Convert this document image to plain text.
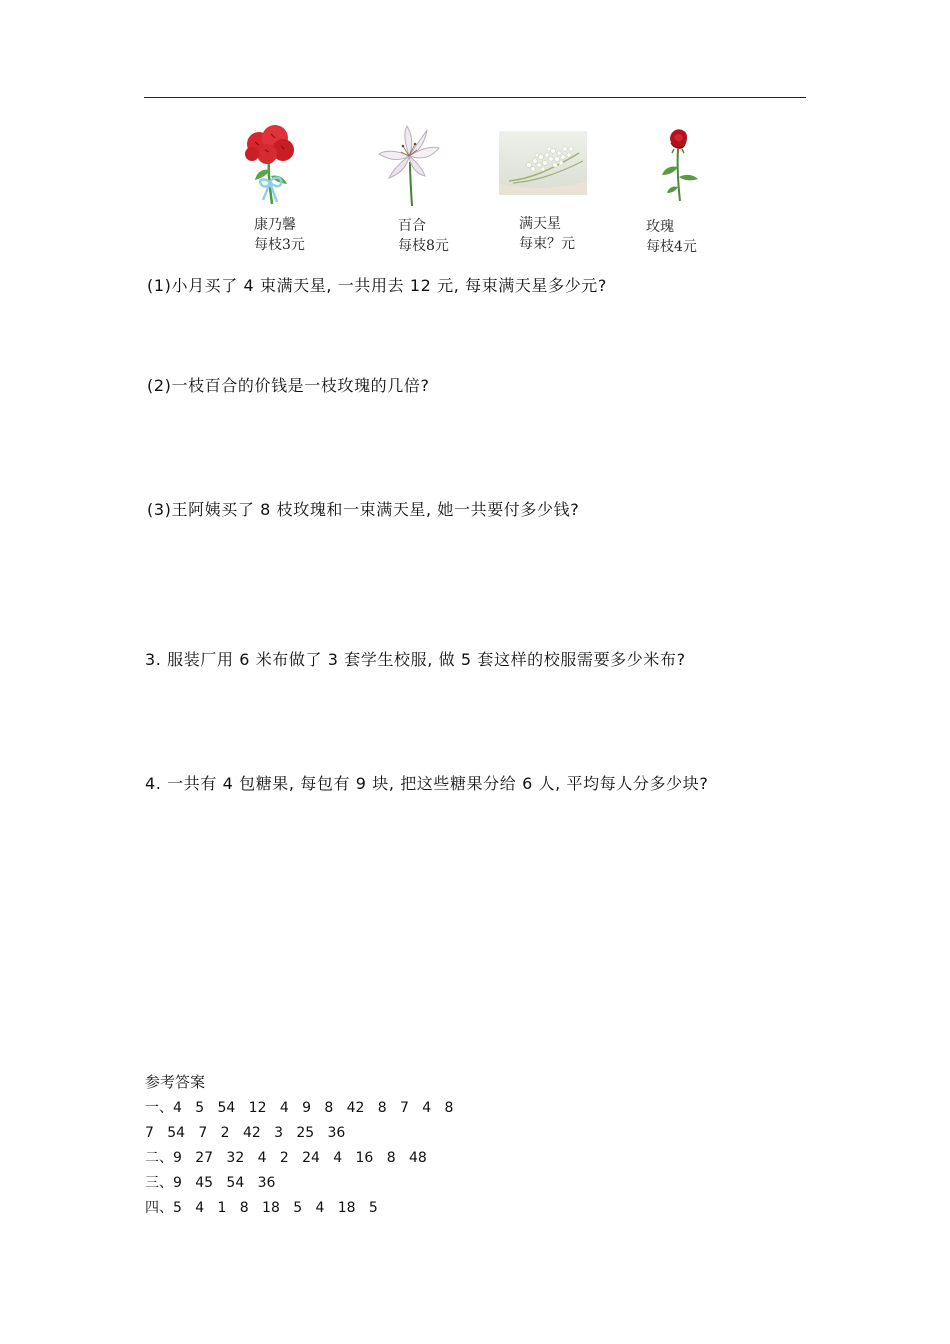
康乃馨
每枝3元
百合
每枝8元
满天星
每束？元
玫瑰
每枝4元
(1)小月买了 4 束满天星, 一共用去 12 元, 每束满天星多少元?
(2)一枝百合的价钱是一枝玫瑰的几倍?
(3)王阿姨买了 8 枝玫瑰和一束满天星, 她一共要付多少钱?
3. 服装厂用 6 米布做了 3 套学生校服, 做 5 套这样的校服需要多少米布?
4. 一共有 4 包糖果, 每包有 9 块, 把这些糖果分给 6 人, 平均每人分多少块?
参考答案
一、4   5   54   12   4   9   8   42   8   7   4   8
7   54   7   2   42   3   25   36
二、9   27   32   4   2   24   4   16   8   48
三、9   45   54   36
四、5   4   1   8   18   5   4   18   5
